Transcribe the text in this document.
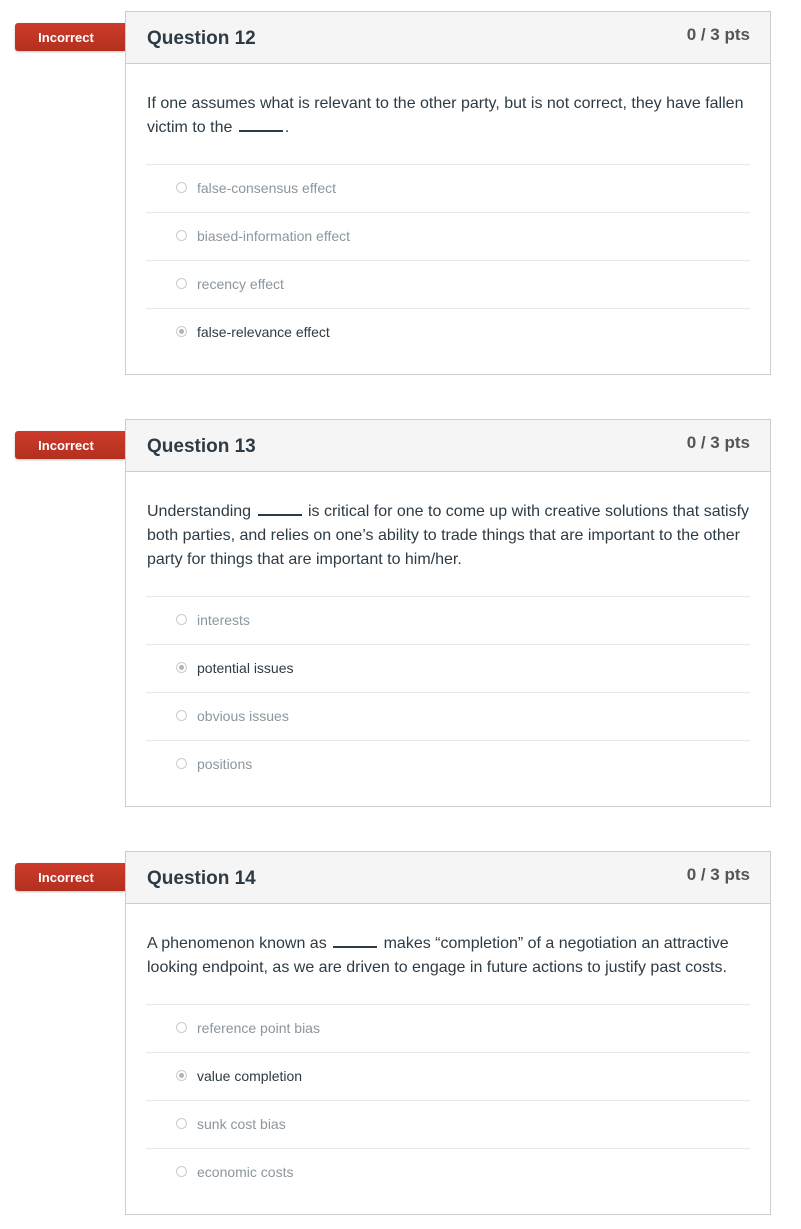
Incorrect	Question 12	0 / 3 pts
If one assumes what is relevant to the other party, but is not correct, they have fallen victim to the	.
false-consensus effect
biased-information effect
recency effect
false-relevance effect
Incorrect	Question 13	0 / 3 pts
Understanding	is critical for one to come up with creative solutions that satisfy both parties, and relies on one’s ability to trade things that are important to the other party for things that are important to him/her.
interests
potential issues
obvious issues
positions
Incorrect	Question 14	0 / 3 pts
A phenomenon known as	makes “completion” of a negotiation an attractive looking endpoint, as we are driven to engage in future actions to justify past costs.
reference point bias
value completion
sunk cost bias
economic costs
